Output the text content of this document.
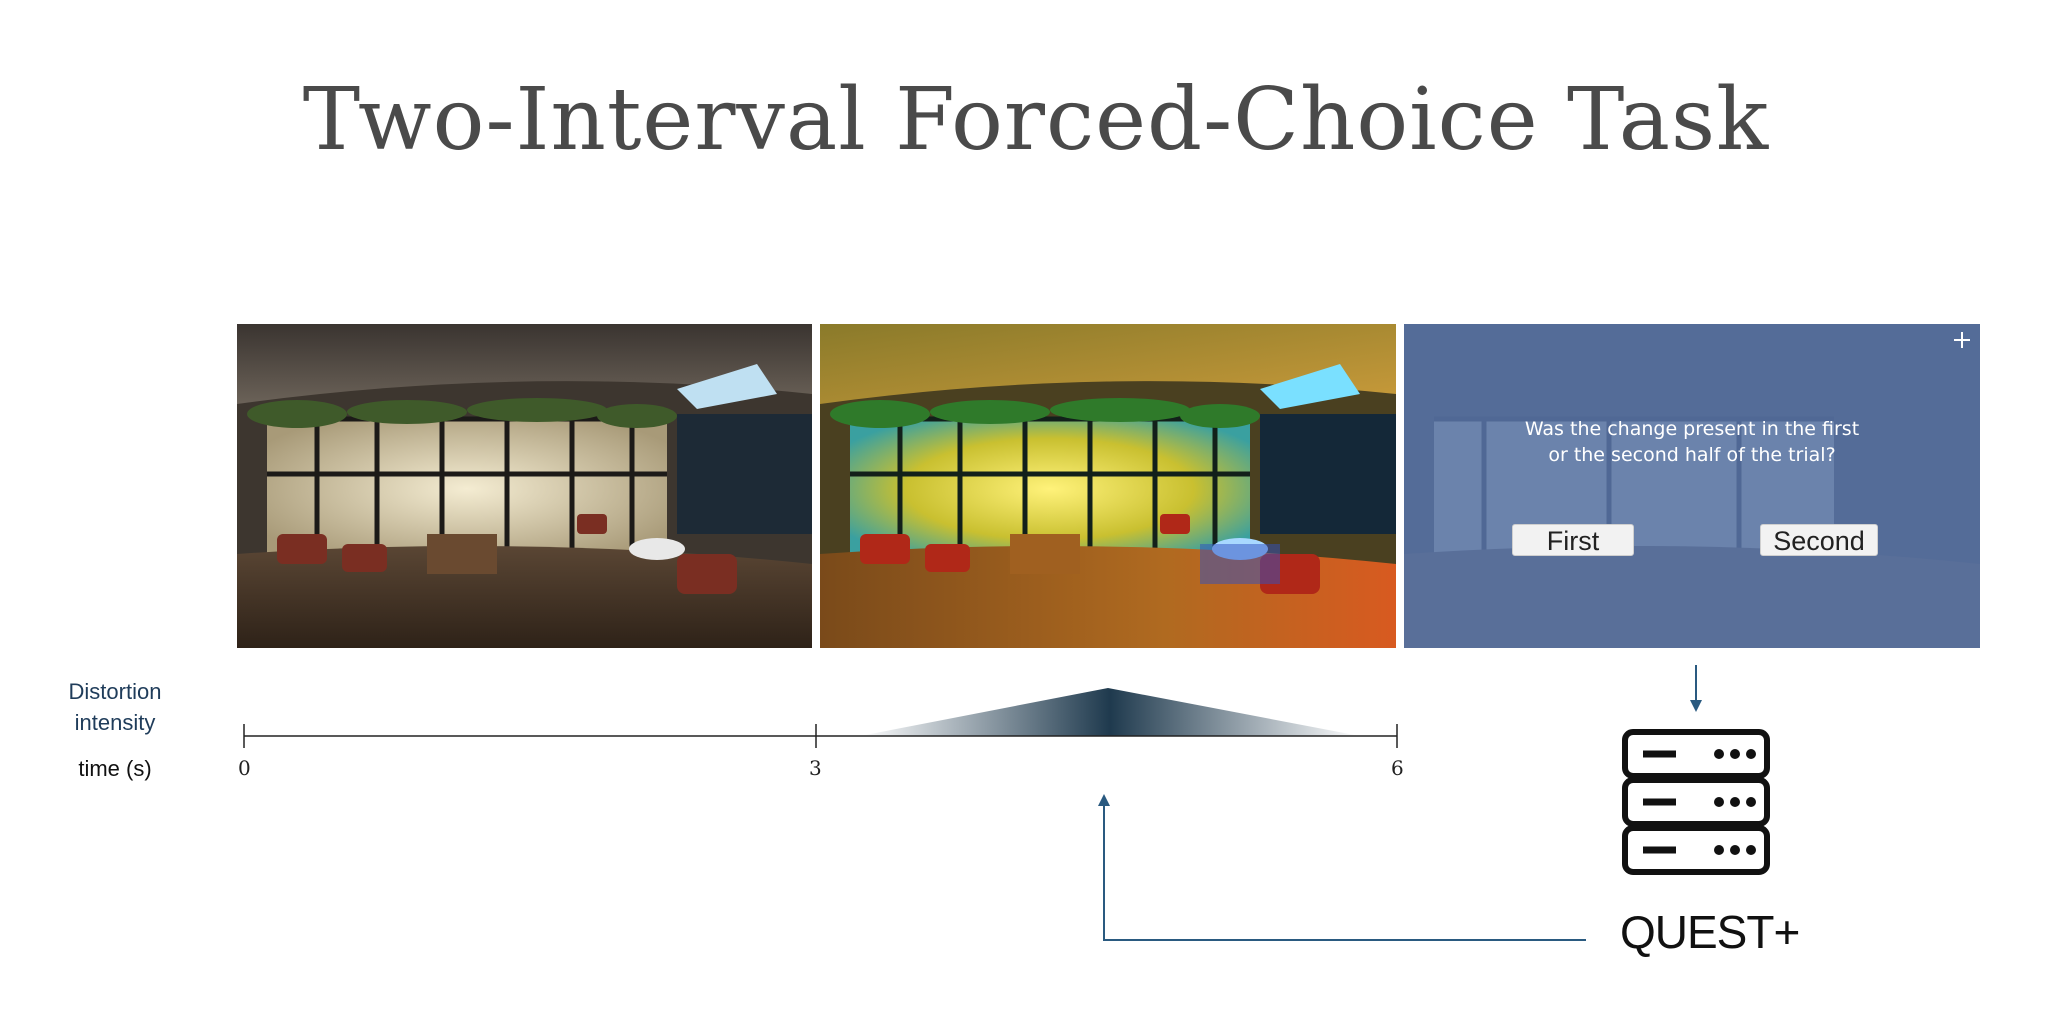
Two-Interval Forced-Choice Task
Was the change present in the first
or the second half of the trial?
First	Second
Distortion
intensity
time (s)	0	3	6
QUEST+
